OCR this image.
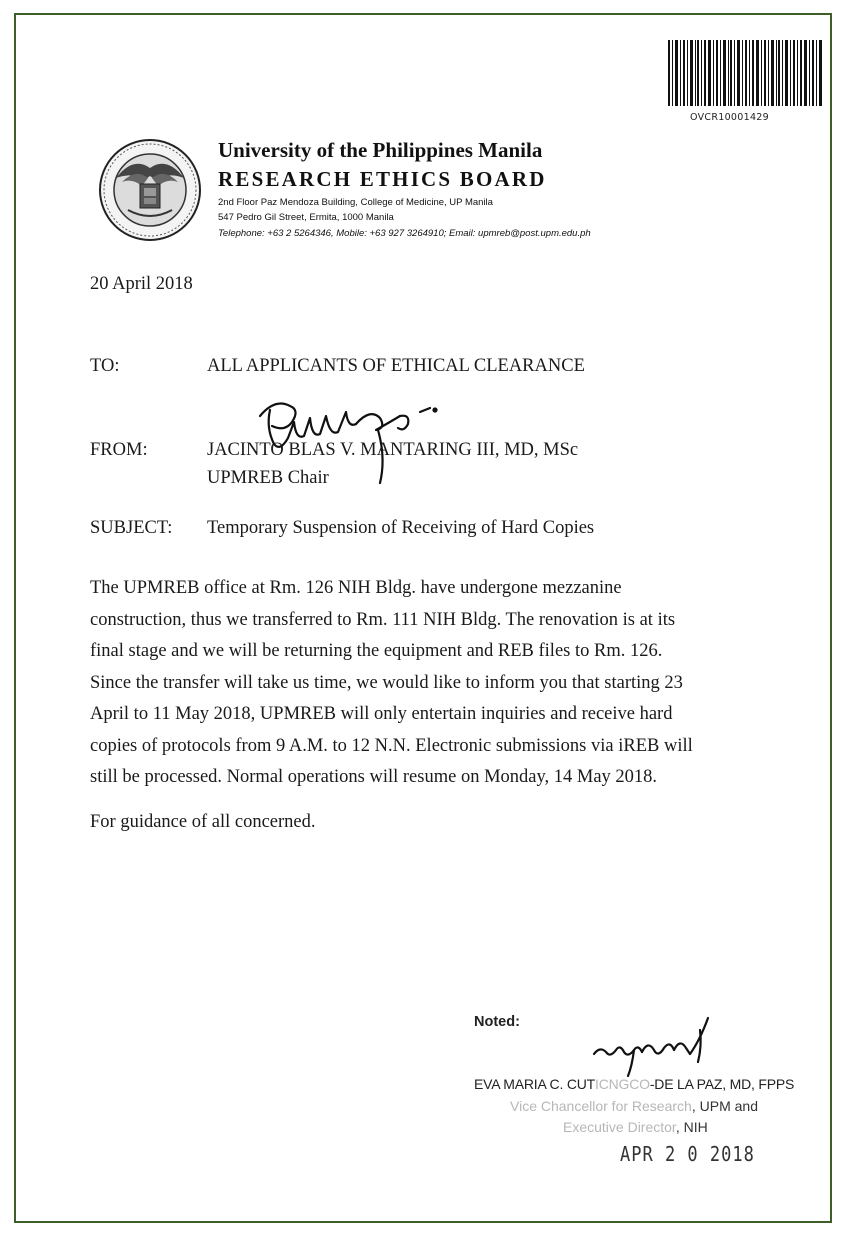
OVCR10001429
University of the Philippines Manila
RESEARCH ETHICS BOARD
2nd Floor Paz Mendoza Building, College of Medicine, UP Manila
547 Pedro Gil Street, Ermita, 1000 Manila
Telephone: +63 2 5264346, Mobile: +63 927 3264910; Email: upmreb@post.upm.edu.ph
20 April 2018
TO:	ALL APPLICANTS OF ETHICAL CLEARANCE
FROM:	JACINTO BLAS V. MANTARING III, MD, MSc
UPMREB Chair
SUBJECT: Temporary Suspension of Receiving of Hard Copies
The UPMREB office at Rm. 126 NIH Bldg. have undergone mezzanine
construction, thus we transferred to Rm. 111 NIH Bldg. The renovation is at its
final stage and we will be returning the equipment and REB files to Rm. 126.
Since the transfer will take us time, we would like to inform you that starting 23
April to 11 May 2018, UPMREB will only entertain inquiries and receive hard
copies of protocols from 9 A.M. to 12 N.N. Electronic submissions via iREB will
still be processed. Normal operations will resume on Monday, 14 May 2018.
For guidance of all concerned.
Noted:
EVA MARIA C. CUTICNGCO-DE LA PAZ, MD, FPPS
Vice Chancellor for Research, UPM and
Executive Director, NIH
APR 2 0 2018
